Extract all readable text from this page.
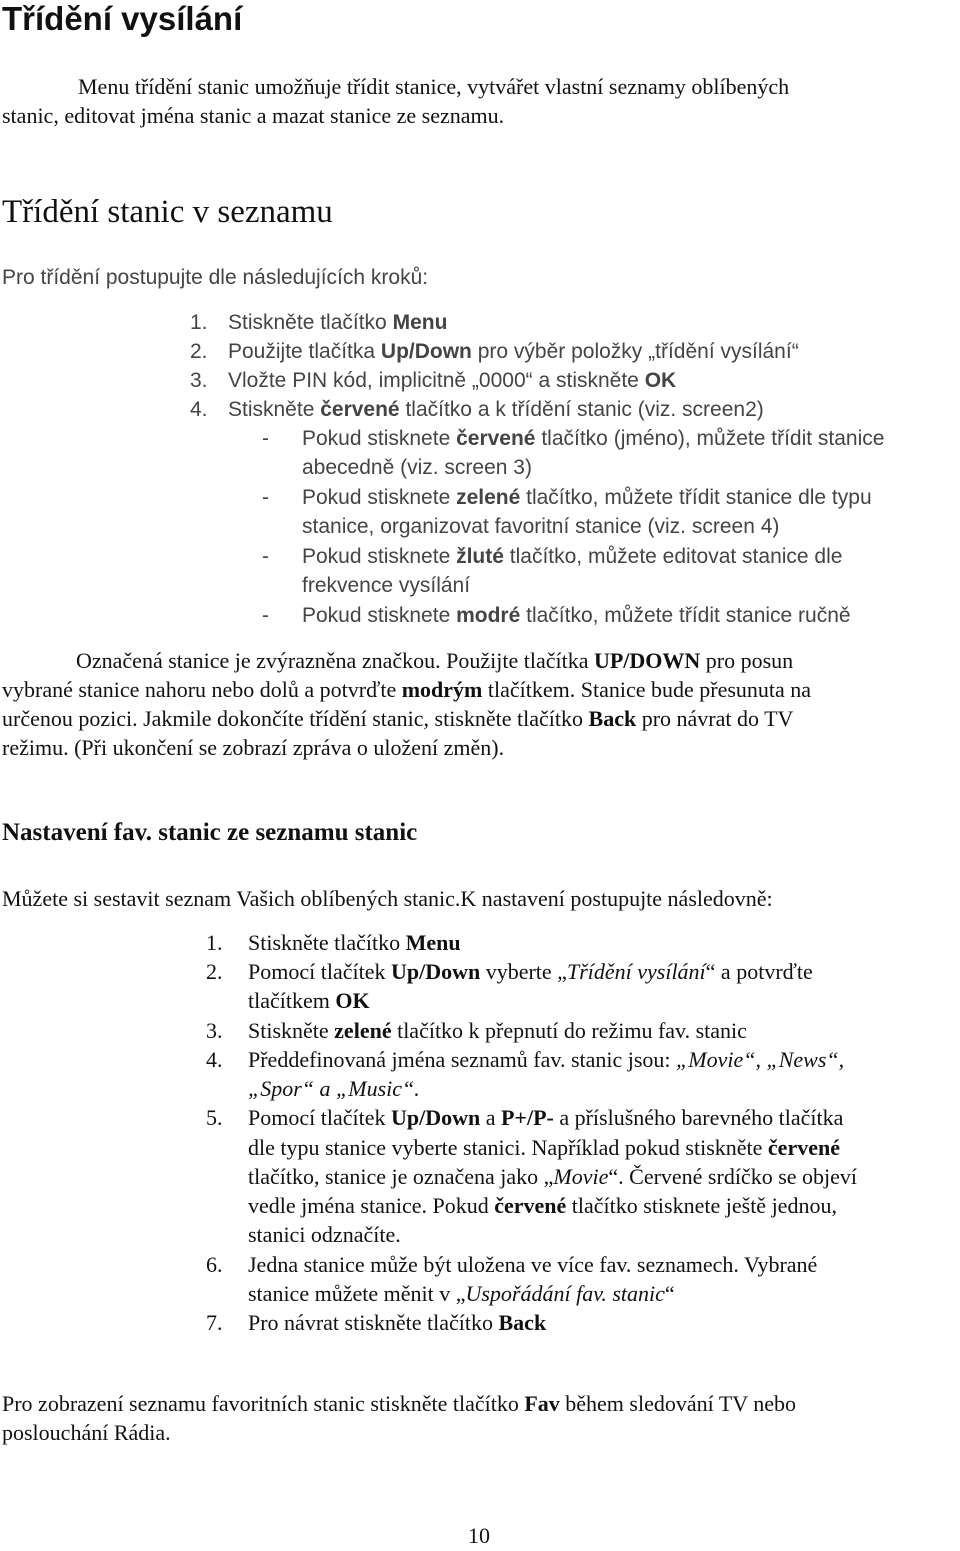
Třídění vysílání
Menu třídění stanic umožňuje třídit stanice, vytvářet vlastní seznamy oblíbených
stanic, editovat jména stanic a mazat stanice ze seznamu.
Třídění stanic v seznamu
Pro třídění postupujte dle následujících kroků:
1. Stiskněte tlačítko Menu
2. Použijte tlačítka Up/Down pro výběr položky „třídění vysílání“
3. Vložte PIN kód, implicitně „0000“ a stiskněte OK
4. Stiskněte červené tlačítko a k třídění stanic (viz. screen2)
- Pokud stisknete červené tlačítko (jméno), můžete třídit stanice
abecedně (viz. screen 3)
- Pokud stisknete zelené tlačítko, můžete třídit stanice dle typu
stanice, organizovat favoritní stanice (viz. screen 4)
- Pokud stisknete žluté tlačítko, můžete editovat stanice dle
frekvence vysílání
- Pokud stisknete modré tlačítko, můžete třídit stanice ručně
Označená stanice je zvýrazněna značkou. Použijte tlačítka UP/DOWN pro posun
vybrané stanice nahoru nebo dolů a potvrďte modrým tlačítkem. Stanice bude přesunuta na
určenou pozici. Jakmile dokončíte třídění stanic, stiskněte tlačítko Back pro návrat do TV
režimu. (Při ukončení se zobrazí zpráva o uložení změn).
Nastavení fav. stanic ze seznamu stanic
Můžete si sestavit seznam Vašich oblíbených stanic.K nastavení postupujte následovně:
1. Stiskněte tlačítko Menu
2. Pomocí tlačítek Up/Down vyberte „Třídění vysílání“ a potvrďte
tlačítkem OK
3. Stiskněte zelené tlačítko k přepnutí do režimu fav. stanic
4. Předdefinovaná jména seznamů fav. stanic jsou: „Movie“, „News“,
„Spor“ a „Music“.
5. Pomocí tlačítek Up/Down a P+/P- a příslušného barevného tlačítka
dle typu stanice vyberte stanici. Například pokud stiskněte červené
tlačítko, stanice je označena jako „Movie“. Červené srdíčko se objeví
vedle jména stanice. Pokud červené tlačítko stisknete ještě jednou,
stanici odznačíte.
6. Jedna stanice může být uložena ve více fav. seznamech. Vybrané
stanice můžete měnit v „Uspořádání fav. stanic“
7. Pro návrat stiskněte tlačítko Back
Pro zobrazení seznamu favoritních stanic stiskněte tlačítko Fav během sledování TV nebo
poslouchání Rádia.
10
